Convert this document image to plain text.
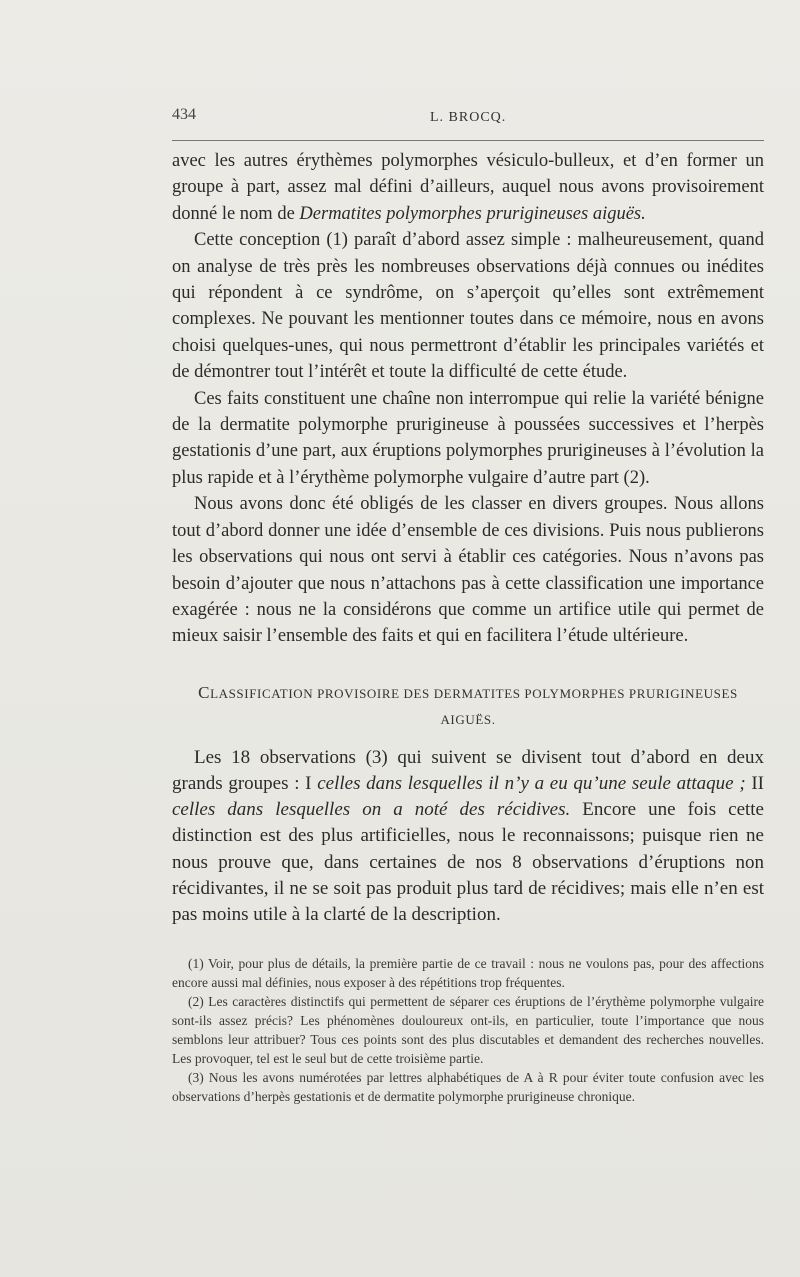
434	L. BROCQ.

avec les autres érythèmes polymorphes vésiculo-bulleux, et d’en former un groupe à part, assez mal défini d’ailleurs, auquel nous avons provisoirement donné le nom de Dermatites polymorphes prurigineuses aiguës.

Cette conception (1) paraît d’abord assez simple : malheureusement, quand on analyse de très près les nombreuses observations déjà connues ou inédites qui répondent à ce syndrôme, on s’aperçoit qu’elles sont extrêmement complexes. Ne pouvant les mentionner toutes dans ce mémoire, nous en avons choisi quelques-unes, qui nous permettront d’établir les principales variétés et de démontrer tout l’intérêt et toute la difficulté de cette étude.

Ces faits constituent une chaîne non interrompue qui relie la variété bénigne de la dermatite polymorphe prurigineuse à poussées successives et l’herpès gestationis d’une part, aux éruptions polymorphes prurigineuses à l’évolution la plus rapide et à l’érythème polymorphe vulgaire d’autre part (2).

Nous avons donc été obligés de les classer en divers groupes. Nous allons tout d’abord donner une idée d’ensemble de ces divisions. Puis nous publierons les observations qui nous ont servi à établir ces catégories. Nous n’avons pas besoin d’ajouter que nous n’attachons pas à cette classification une importance exagérée : nous ne la considérons que comme un artifice utile qui permet de mieux saisir l’ensemble des faits et qui en facilitera l’étude ultérieure.

CLASSIFICATION PROVISOIRE DES DERMATITES POLYMORPHES PRURIGINEUSES
AIGUËS.

Les 18 observations (3) qui suivent se divisent tout d’abord en deux grands groupes : I celles dans lesquelles il n’y a eu qu’une seule attaque ; II celles dans lesquelles on a noté des récidives. Encore une fois cette distinction est des plus artificielles, nous le reconnaissons; puisque rien ne nous prouve que, dans certaines de nos 8 observations d’éruptions non récidivantes, il ne se soit pas produit plus tard de récidives; mais elle n’en est pas moins utile à la clarté de la description.

(1) Voir, pour plus de détails, la première partie de ce travail : nous ne voulons pas, pour des affections encore aussi mal définies, nous exposer à des répétitions trop fréquentes.

(2) Les caractères distinctifs qui permettent de séparer ces éruptions de l’érythème polymorphe vulgaire sont-ils assez précis? Les phénomènes douloureux ont-ils, en particulier, toute l’importance que nous semblons leur attribuer? Tous ces points sont des plus discutables et demandent des recherches nouvelles. Les provoquer, tel est le seul but de cette troisième partie.

(3) Nous les avons numérotées par lettres alphabétiques de A à R pour éviter toute confusion avec les observations d’herpès gestationis et de dermatite polymorphe prurigineuse chronique.
